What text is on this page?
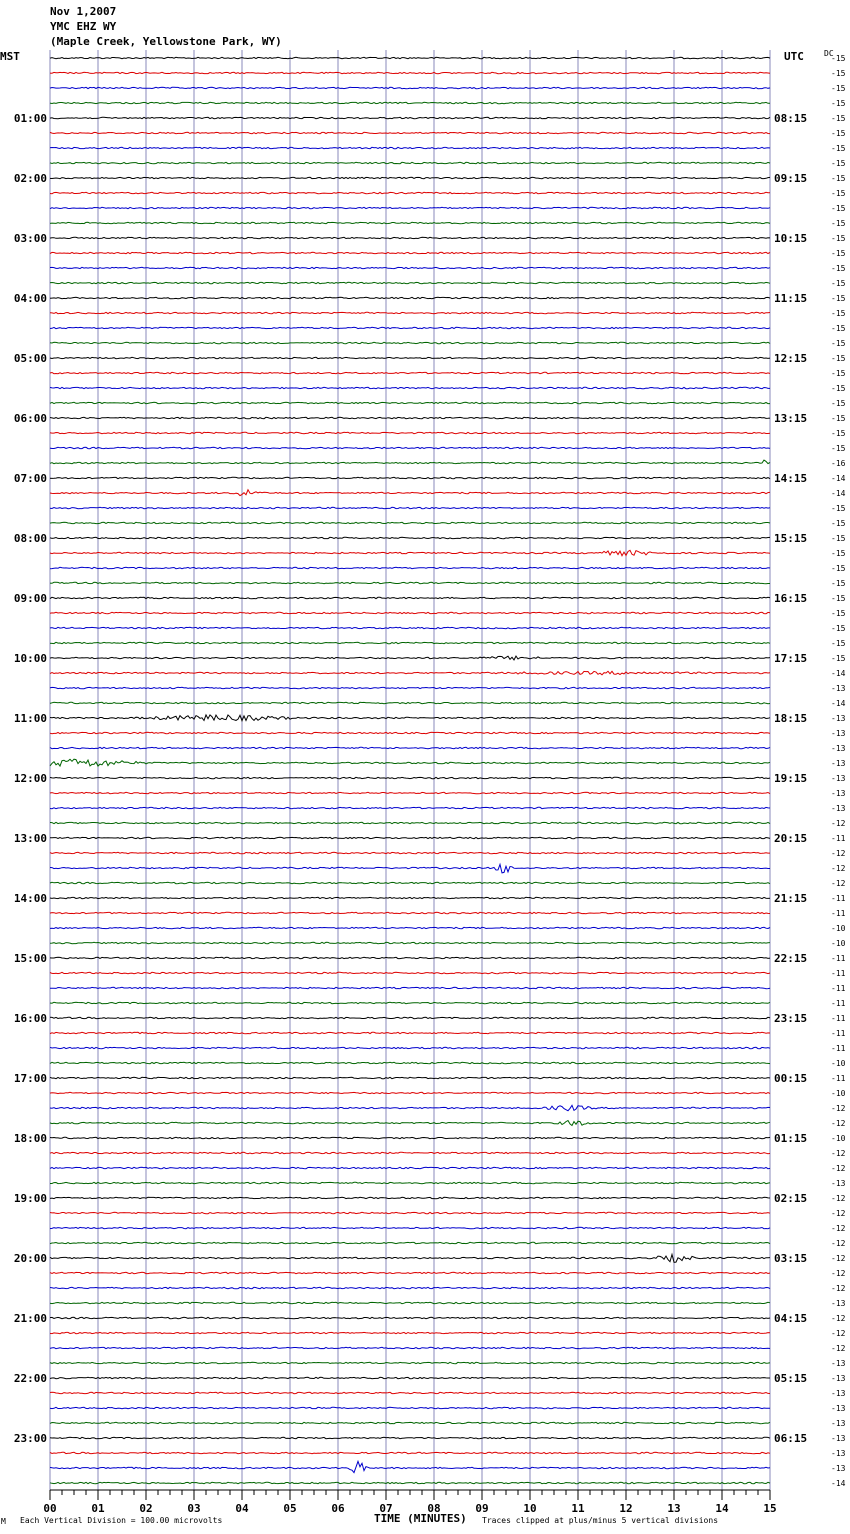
Nov 1,2007
YMC EHZ WY
(Maple Creek, Yellowstone Park, WY)
01:00
02:00
03:00
04:00
05:00
06:00
07:00
08:00
09:00
10:00
11:00
12:00
13:00
14:00
15:00
16:00
17:00
18:00
19:00
20:00
21:00
22:00
23:00
08:15
09:15
10:15
11:15
12:15
13:15
14:15
15:15
16:15
17:15
18:15
19:15
20:15
21:15
22:15
23:15
00:15
01:15
02:15
03:15
04:15
05:15
06:15
-15
-15
-15
-15
-15
-15
-15
-15
-15
-15
-15
-15
-15
-15
-15
-15
-15
-15
-15
-15
-15
-15
-15
-15
-15
-15
-15
-16
-14
-14
-15
-15
-15
-15
-15
-15
-15
-15
-15
-15
-15
-14
-13
-14
-13
-13
-13
-13
-13
-13
-13
-12
-11
-12
-12
-12
-11
-11
-10
-10
-11
-11
-11
-11
-11
-11
-11
-10
-11
-10
-12
-12
-10
-12
-12
-13
-12
-12
-12
-12
-12
-12
-12
-13
-12
-12
-12
-13
-13
-13
-13
-13
-13
-13
-13
-14
00	01	02	03	04	05	06	07	08	09	10	11	12	13	14	15
MST	UTC	DC
TIME (MINUTES)
Each Vertical Division = 100.00 microvolts	Traces clipped at plus/minus 5 vertical divisions
M
